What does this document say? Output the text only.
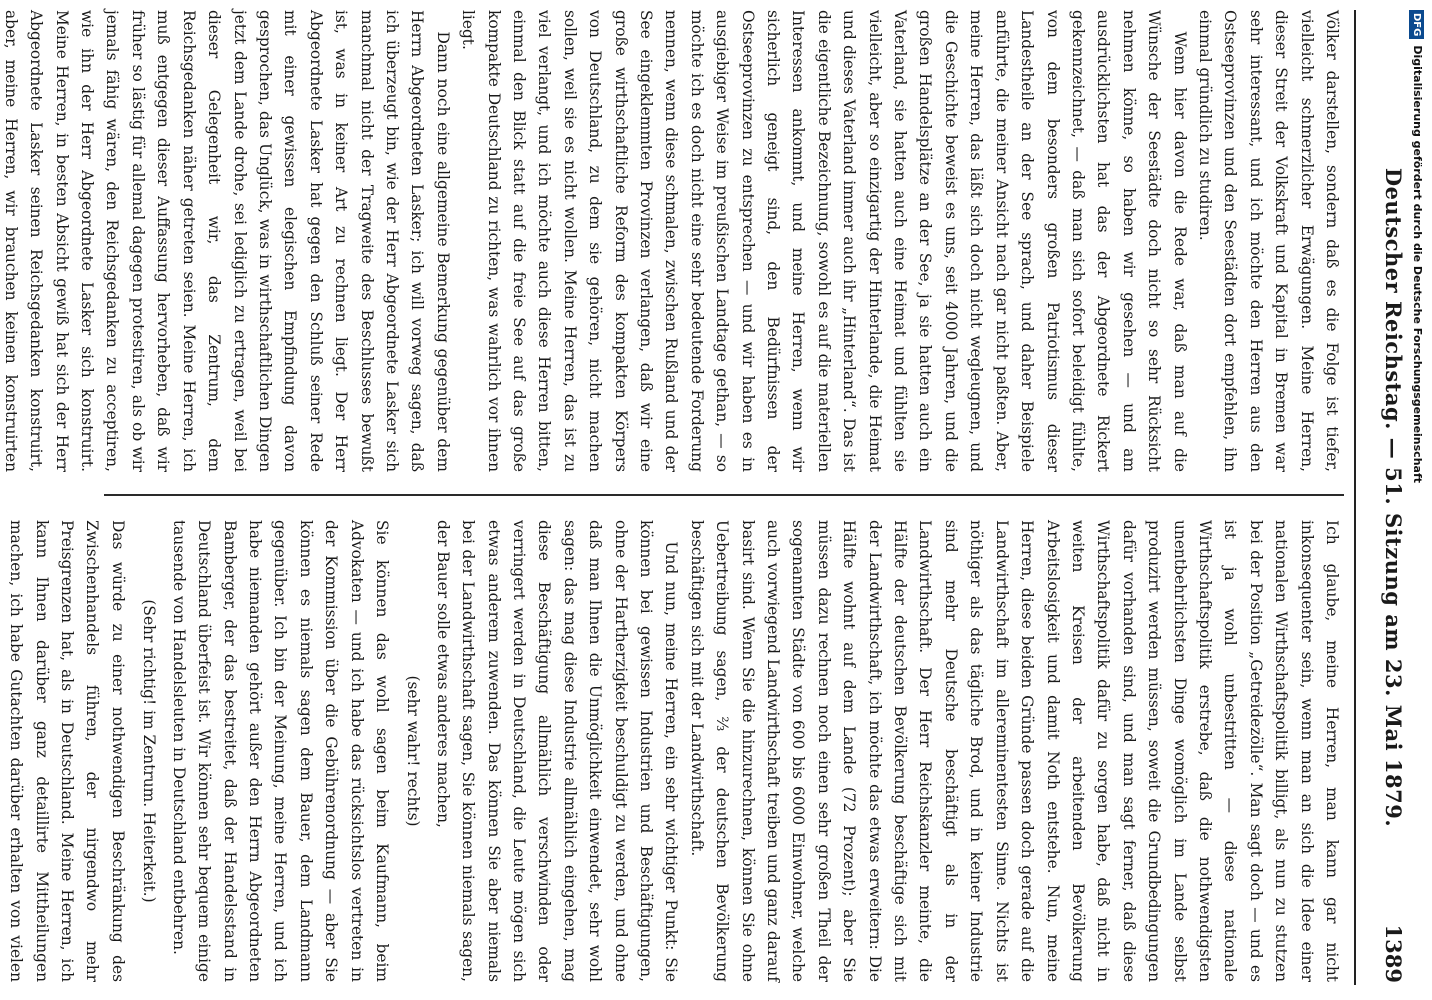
Deutscher Reichstag. — 51. Sitzung am 23. Mai 1879.
1389

Völker darstellen, sondern daß es die Folge ist tiefer, vielleicht schmerzlicher Erwägungen. Meine Herren, dieser Streit der Volkskraft und Kapital in Bremen war sehr interessant, und ich möchte den Herren aus den Ostseeprovinzen und den Seestädten dort empfehlen, ihn einmal gründlich zu studiren.

Wenn hier davon die Rede war, daß man auf die Wünsche der Seestädte doch nicht so sehr Rücksicht nehmen könne, so haben wir gesehen — und am ausdrücklichsten hat das der Abgeordnete Rickert gekennzeichnet, — daß man sich sofort beleidigt fühlte, von dem besonders großen Patriotismus dieser Landestheile an der See sprach, und daher Beispiele anführte, die meiner Ansicht nach gar nicht paßten. Aber, meine Herren, das läßt sich doch nicht wegleugnen, und die Geschichte beweist es uns, seit 4000 Jahren, und die großen Handelsplätze an der See, ja sie hatten auch ein Vaterland, sie hatten auch eine Heimat und fühlten sie vielleicht, aber so einzigartig der Hinterlande, die Heimat und dieses Vaterland immer auch ihr „Hinterland“. Das ist die eigentliche Bezeichnung, sowohl es auf die materiellen Interessen ankommt, und meine Herren, wenn wir sicherlich geneigt sind, den Bedürfnissen der Ostseeprovinzen zu entsprechen — und wir haben es in ausgiebiger Weise im preußischen Landtage gethan, — so möchte ich es doch nicht eine sehr bedeutende Forderung nennen, wenn diese schmalen, zwischen Rußland und der See eingeklemmten Provinzen verlangen, daß wir eine große wirthschaftliche Reform des kompakten Körpers von Deutschland, zu dem sie gehören, nicht machen sollen, weil sie es nicht wollen. Meine Herren, das ist zu viel verlangt, und ich möchte auch diese Herren bitten, einmal den Blick statt auf die freie See auf das große kompakte Deutschland zu richten, was wahrlich vor ihnen liegt.

Dann noch eine allgemeine Bemerkung gegenüber dem Herrn Abgeordneten Lasker; ich will vorweg sagen, daß ich überzeugt bin, wie der Herr Abgeordnete Lasker sich manchmal nicht der Tragweite des Beschlusses bewußt ist, was in keiner Art zu rechnen liegt. Der Herr Abgeordnete Lasker hat gegen den Schluß seiner Rede mit einer gewissen elegischen Empfindung davon gesprochen, das Unglück, was in wirthschaftlichen Dingen jetzt dem Lande drohe, sei lediglich zu ertragen, weil bei dieser Gelegenheit wir, das Zentrum, dem Reichsgedanken näher getreten seien. Meine Herren, ich muß entgegen dieser Auffassung hervorheben, daß wir früher so lästig für allemal dagegen protestiren, als ob wir jemals fähig wären, den Reichsgedanken zu acceptiren, wie ihn der Herr Abgeordnete Lasker sich konstruirt. Meine Herren, in besten Absicht gewiß hat sich der Herr Abgeordnete Lasker seinen Reichsgedanken konstruirt, aber, meine Herren, wir brauchen keinen konstruirten

Ich glaube, meine Herren, man kann gar nicht inkonsequenter sein, wenn man an sich die Idee einer nationalen Wirthschaftspolitik billigt, als nun zu stutzen bei der Position „Getreidezölle“. Man sagt doch — und es ist ja wohl unbestritten — diese nationale Wirthschaftspolitik erstrebe, daß die nothwendigsten unentbehrlichsten Dinge womöglich im Lande selbst produzirt werden müssen, soweit die Grundbedingungen dafür vorhanden sind, und man sagt ferner, daß diese Wirthschaftspolitik dafür zu sorgen habe, daß nicht in weiten Kreisen der arbeitenden Bevölkerung Arbeitslosigkeit und damit Noth entstehe. Nun, meine Herren, diese beiden Gründe passen doch gerade auf die Landwirthschaft im allereminentesten Sinne. Nichts ist nöthiger als das tägliche Brod, und in keiner Industrie sind mehr Deutsche beschäftigt als in der Landwirthschaft. Der Herr Reichskanzler meinte, die Hälfte der deutschen Bevölkerung beschäftige sich mit der Landwirthschaft, ich möchte das etwas erweitern: Die Hälfte wohnt auf dem Lande (72 Prozent); aber Sie müssen dazu rechnen noch einen sehr großen Theil der sogenannten Städte von 600 bis 6000 Einwohner, welche auch vorwiegend Landwirthschaft treiben und ganz darauf basirt sind. Wenn Sie die hinzurechnen, können Sie ohne Uebertreibung sagen, ⅔ der deutschen Bevölkerung beschäftigen sich mit der Landwirthschaft.

Und nun, meine Herren, ein sehr wichtiger Punkt: Sie können bei gewissen Industrien und Beschäftigungen, ohne der Hartherzigkeit beschuldigt zu werden, und ohne daß man Ihnen die Unmöglichkeit einwendet, sehr wohl sagen: das mag diese Industrie allmählich eingehen, mag diese Beschäftigung allmählich verschwinden oder verringert werden in Deutschland, die Leute mögen sich etwas anderem zuwenden. Das können Sie aber niemals bei der Landwirthschaft sagen, Sie können niemals sagen, der Bauer solle etwas anderes machen,

(sehr wahr! rechts)

Sie können das wohl sagen beim Kaufmann, beim Advokaten — und ich habe das rücksichtslos vertreten in der Kommission über die Gebührenordnung — aber Sie können es niemals sagen dem Bauer, dem Landmann gegenüber. Ich bin der Meinung, meine Herren, und ich habe niemanden gehört außer den Herrn Abgeordneten Bamberger, der das bestreitet, daß der Handelsstand in Deutschland überfeist ist. Wir können sehr bequem einige tausende von Handelsleuten in Deutschland entbehren.

(Sehr richtig! im Zentrum. Heiterkeit.)

Das würde zu einer nothwendigen Beschränkung des Zwischenhandels führen, der nirgendwo mehr Preisgrenzen hat, als in Deutschland. Meine Herren, ich kann Ihnen darüber ganz detaillirte Mittheilungen machen, ich habe Gutachten darüber erhalten von vielen

DFGDigitalisierung gefördert durch die Deutsche Forschungsgemeinschaft
